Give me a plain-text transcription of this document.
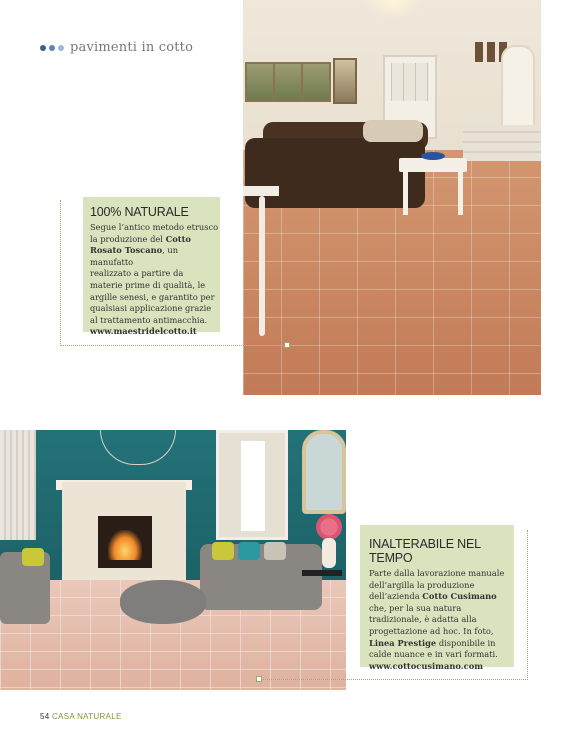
pavimenti in cotto
100% NATURALE
Segue l’antico metodo etrusco
la produzione del Cotto
Rosato Toscano, un manufatto
realizzato a partire da
materie prime di qualità, le
argille senesi, e garantito per
qualsiasi applicazione grazie
al trattamento antimacchia.
www.maestridelcotto.it
INALTERABILE NEL TEMPO
Parte dalla lavorazione manuale
dell’argilla la produzione
dell’azienda Cotto Cusimano
che, per la sua natura
tradizionale, è adatta alla
progettazione ad hoc. In foto,
Linea Prestige disponibile in
calde nuance e in vari formati.
www.cottocusimano.com
54 CASA NATURALE
